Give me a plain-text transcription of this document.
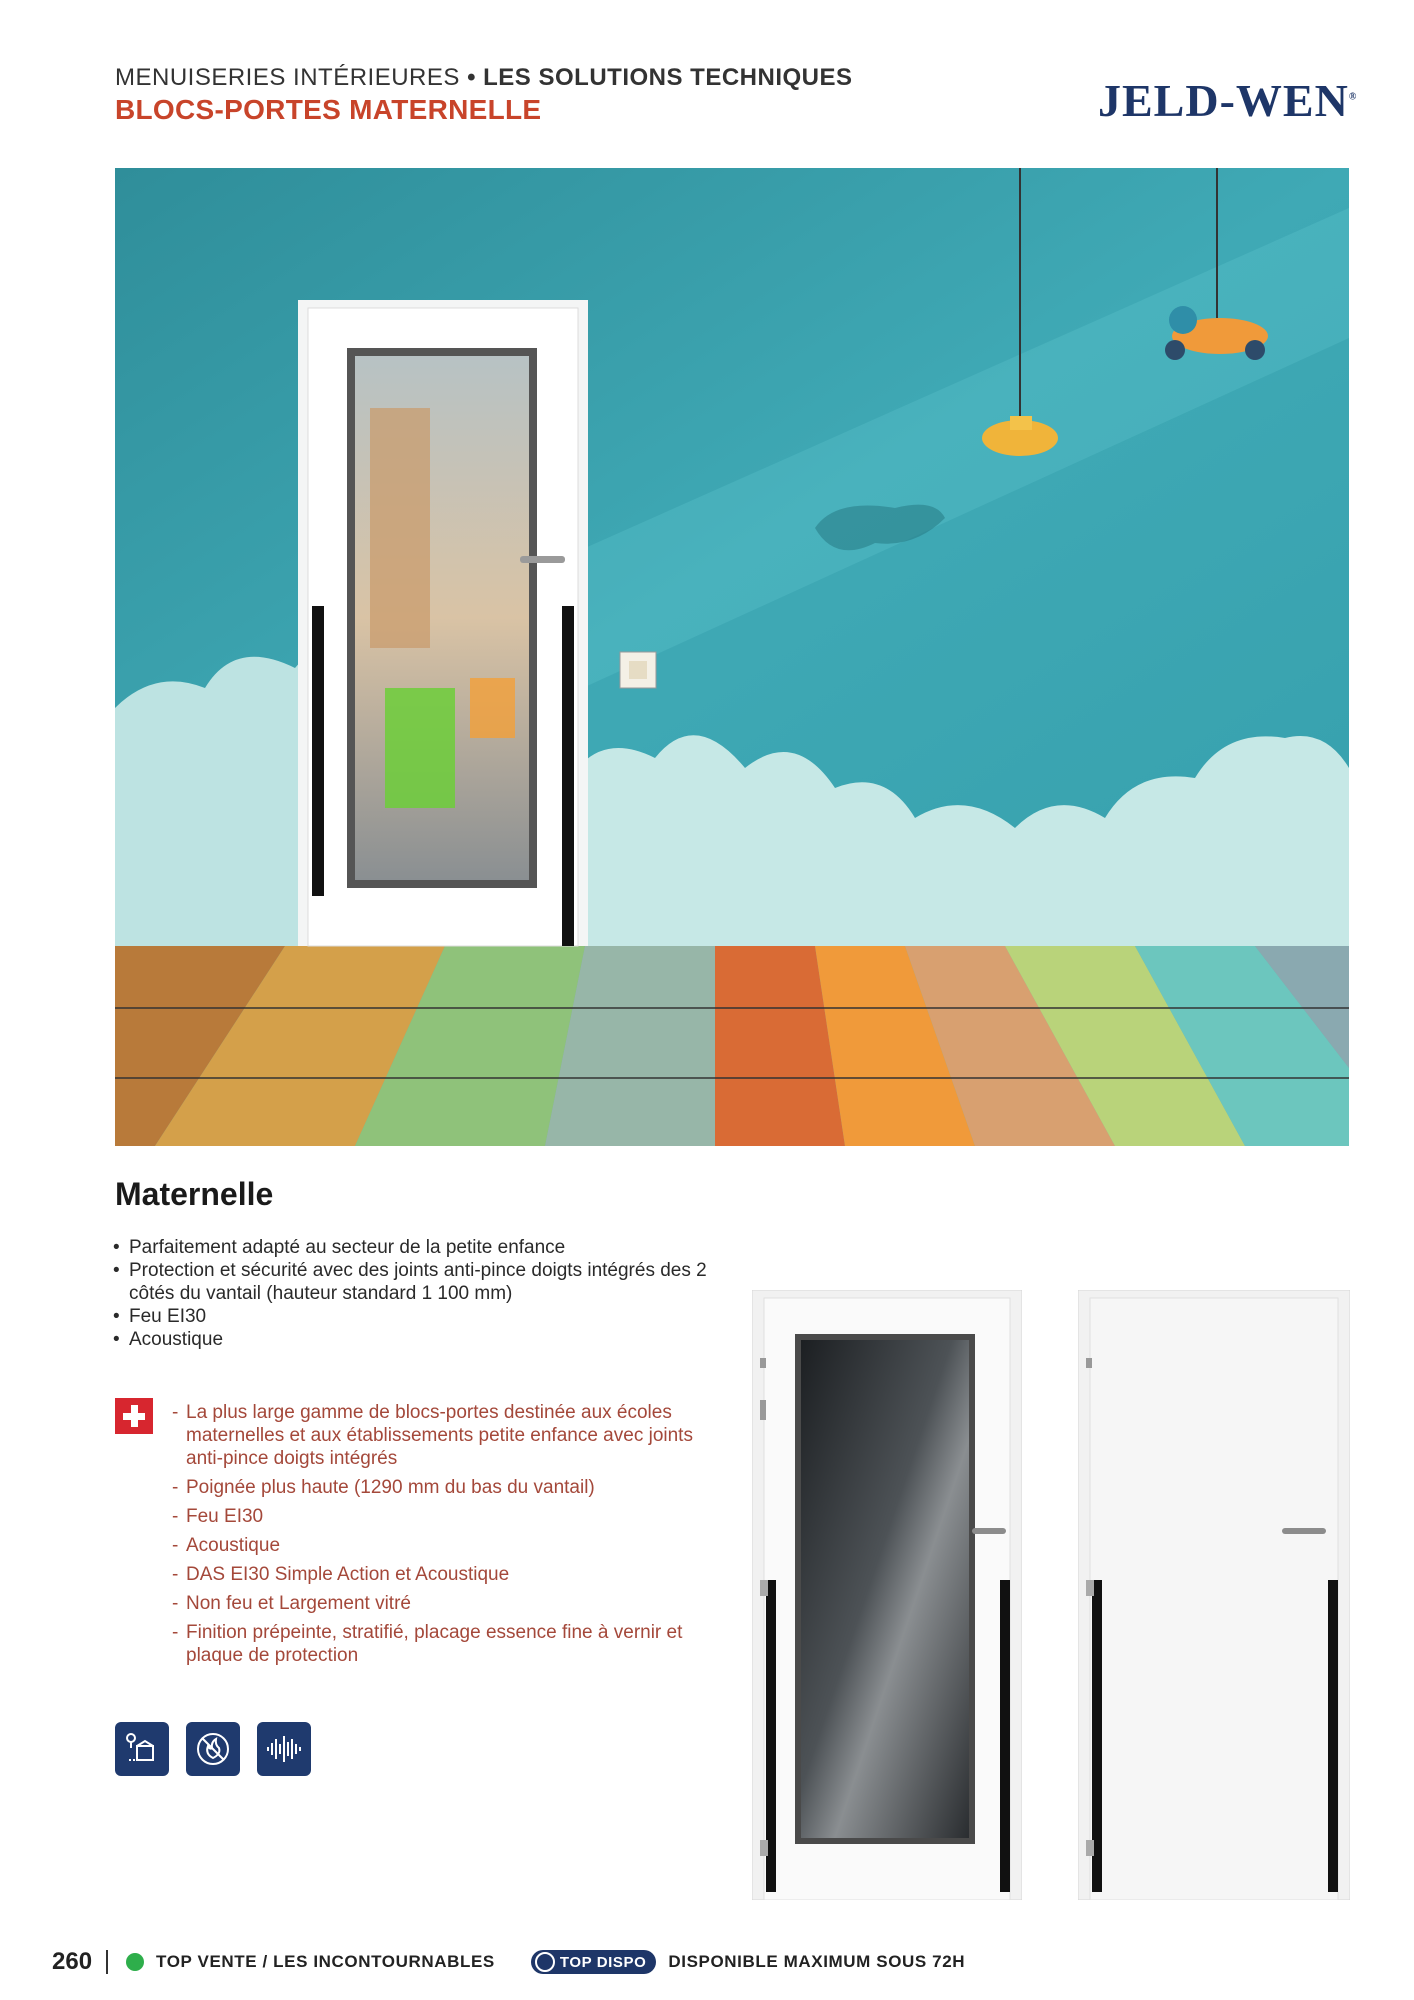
MENUISERIES INTÉRIEURES • LES SOLUTIONS TECHNIQUES
BLOCS-PORTES MATERNELLE	JELD-WEN®
Maternelle
• Parfaitement adapté au secteur de la petite enfance
• Protection et sécurité avec des joints anti-pince doigts intégrés des 2 côtés du vantail (hauteur standard 1 100 mm)
• Feu EI30
• Acoustique
- La plus large gamme de blocs-portes destinée aux écoles maternelles et aux établissements petite enfance avec joints anti-pince doigts intégrés
- Poignée plus haute (1290 mm du bas du vantail)
- Feu EI30
- Acoustique
- DAS EI30 Simple Action et Acoustique
- Non feu et Largement vitré
- Finition prépeinte, stratifié, placage essence fine à vernir et plaque de protection
260	TOP VENTE / LES INCONTOURNABLES	TOP DISPO DISPONIBLE MAXIMUM SOUS 72H
